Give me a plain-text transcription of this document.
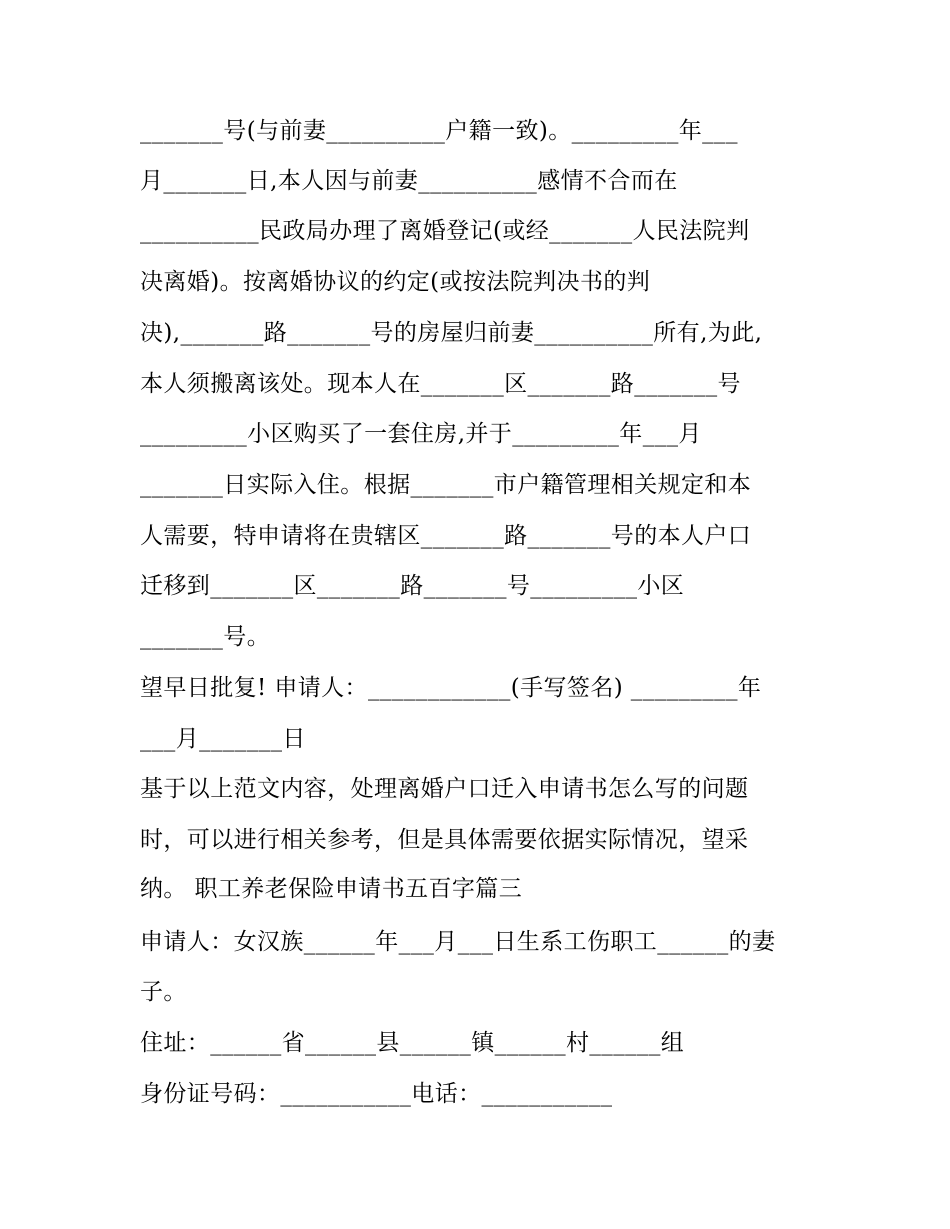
_______号(与前妻__________户籍一致)。_________年___
月_______日,本人因与前妻__________感情不合而在
__________民政局办理了离婚登记(或经_______人民法院判
决离婚)。按离婚协议的约定(或按法院判决书的判
决),_______路_______号的房屋归前妻__________所有,为此,
本人须搬离该处。现本人在_______区_______路_______号
_________小区购买了一套住房,并于_________年___月
_______日实际入住。根据_______市户籍管理相关规定和本
人需要，特申请将在贵辖区_______路_______号的本人户口
迁移到_______区_______路_______号_________小区
_______号。
望早日批复! 申请人：____________(手写签名) _________年
___月_______日
基于以上范文内容，处理离婚户口迁入申请书怎么写的问题
时，可以进行相关参考，但是具体需要依据实际情况，望采
纳。 职工养老保险申请书五百字篇三
申请人：女汉族______年___月___日生系工伤职工______的妻
子。
住址：______省______县______镇______村______组
身份证号码：___________电话：___________
